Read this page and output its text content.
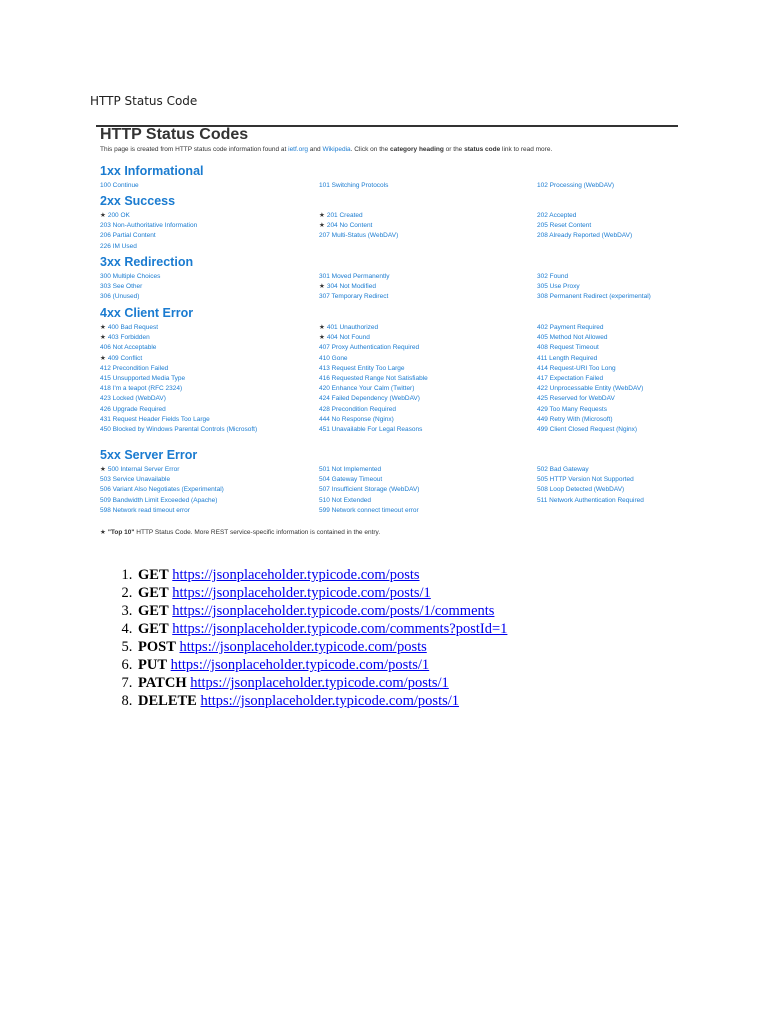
HTTP Status Code
HTTP Status Codes
This page is created from HTTP status code information found at ietf.org and Wikipedia. Click on the category heading or the status code link to read more.
1xx Informational
100 Continue	101 Switching Protocols	102 Processing (WebDAV)
2xx Success
★ 200 OK	★ 201 Created	202 Accepted
203 Non-Authoritative Information	★ 204 No Content	205 Reset Content
206 Partial Content	207 Multi-Status (WebDAV)	208 Already Reported (WebDAV)
226 IM Used
3xx Redirection
300 Multiple Choices	301 Moved Permanently	302 Found
303 See Other	★ 304 Not Modified	305 Use Proxy
306 (Unused)	307 Temporary Redirect	308 Permanent Redirect (experimental)
4xx Client Error
★ 400 Bad Request	★ 401 Unauthorized	402 Payment Required
★ 403 Forbidden	★ 404 Not Found	405 Method Not Allowed
406 Not Acceptable	407 Proxy Authentication Required	408 Request Timeout
★ 409 Conflict	410 Gone	411 Length Required
412 Precondition Failed	413 Request Entity Too Large	414 Request-URI Too Long
415 Unsupported Media Type	416 Requested Range Not Satisfiable	417 Expectation Failed
418 I'm a teapot (RFC 2324)	420 Enhance Your Calm (Twitter)	422 Unprocessable Entity (WebDAV)
423 Locked (WebDAV)	424 Failed Dependency (WebDAV)	425 Reserved for WebDAV
426 Upgrade Required	428 Precondition Required	429 Too Many Requests
431 Request Header Fields Too Large	444 No Response (Nginx)	449 Retry With (Microsoft)
450 Blocked by Windows Parental Controls (Microsoft)	451 Unavailable For Legal Reasons	499 Client Closed Request (Nginx)
5xx Server Error
★ 500 Internal Server Error	501 Not Implemented	502 Bad Gateway
503 Service Unavailable	504 Gateway Timeout	505 HTTP Version Not Supported
506 Variant Also Negotiates (Experimental)	507 Insufficient Storage (WebDAV)	508 Loop Detected (WebDAV)
509 Bandwidth Limit Exceeded (Apache)	510 Not Extended	511 Network Authentication Required
598 Network read timeout error	599 Network connect timeout error
★ "Top 10" HTTP Status Code. More REST service-specific information is contained in the entry.
1. GET https://jsonplaceholder.typicode.com/posts
2. GET https://jsonplaceholder.typicode.com/posts/1
3. GET https://jsonplaceholder.typicode.com/posts/1/comments
4. GET https://jsonplaceholder.typicode.com/comments?postId=1
5. POST https://jsonplaceholder.typicode.com/posts
6. PUT https://jsonplaceholder.typicode.com/posts/1
7. PATCH https://jsonplaceholder.typicode.com/posts/1
8. DELETE https://jsonplaceholder.typicode.com/posts/1
